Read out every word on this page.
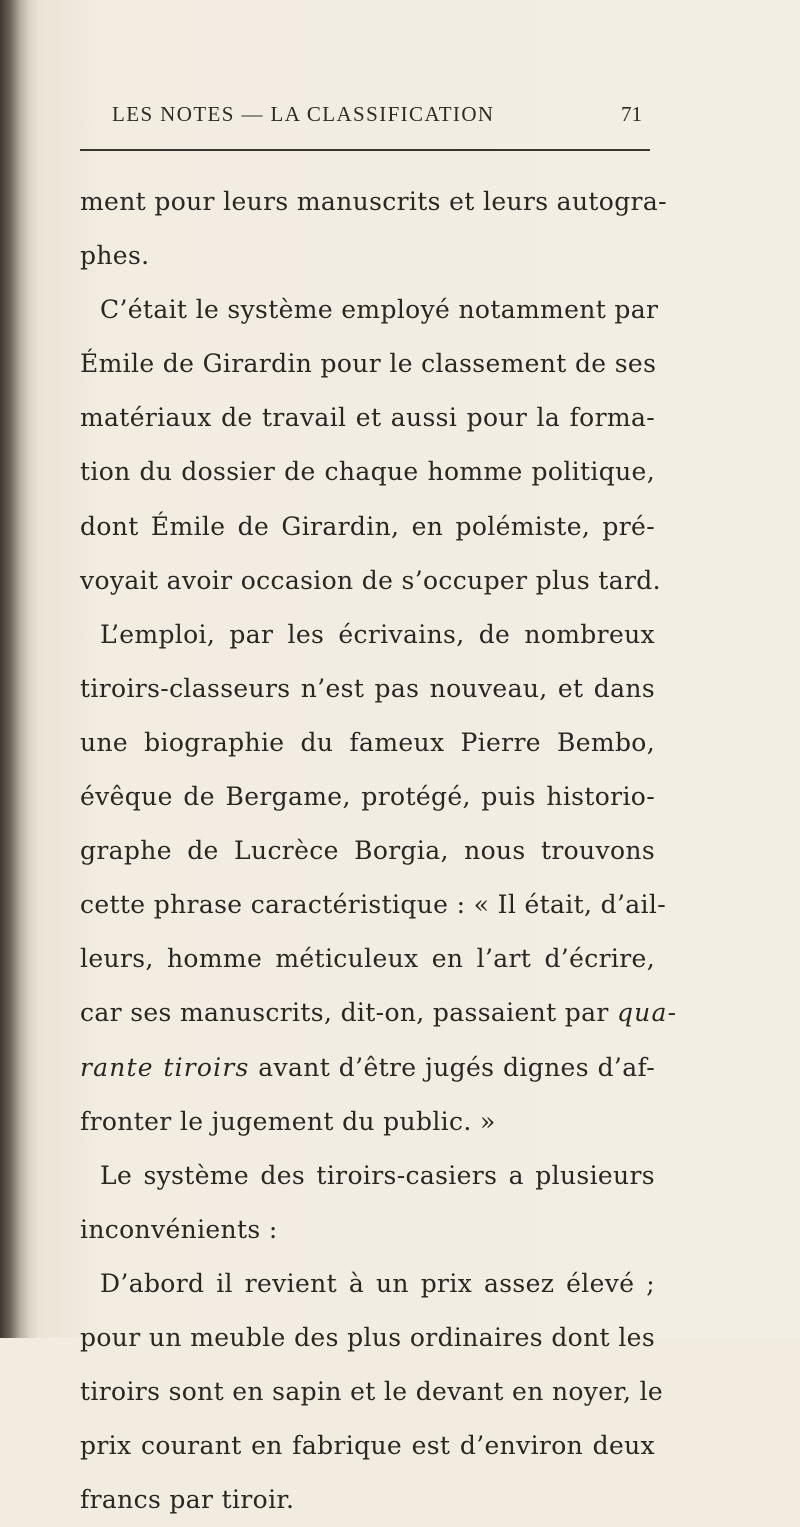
LES NOTES — LA CLASSIFICATION	71
ment pour leurs manuscrits et leurs autogra-
phes.
C’était le système employé notamment par
Émile de Girardin pour le classement de ses
matériaux de travail et aussi pour la forma-
tion du dossier de chaque homme politique,
dont Émile de Girardin, en polémiste, pré-
voyait avoir occasion de s’occuper plus tard.
L’emploi, par les écrivains, de nombreux
tiroirs-classeurs n’est pas nouveau, et dans
une biographie du fameux Pierre Bembo,
évêque de Bergame, protégé, puis historio-
graphe de Lucrèce Borgia, nous trouvons
cette phrase caractéristique : « Il était, d’ail-
leurs, homme méticuleux en l’art d’écrire,
car ses manuscrits, dit-on, passaient par qua-
rante tiroirs avant d’être jugés dignes d’af-
fronter le jugement du public. »
Le système des tiroirs-casiers a plusieurs
inconvénients :
D’abord il revient à un prix assez élevé ;
pour un meuble des plus ordinaires dont les
tiroirs sont en sapin et le devant en noyer, le
prix courant en fabrique est d’environ deux
francs par tiroir.
